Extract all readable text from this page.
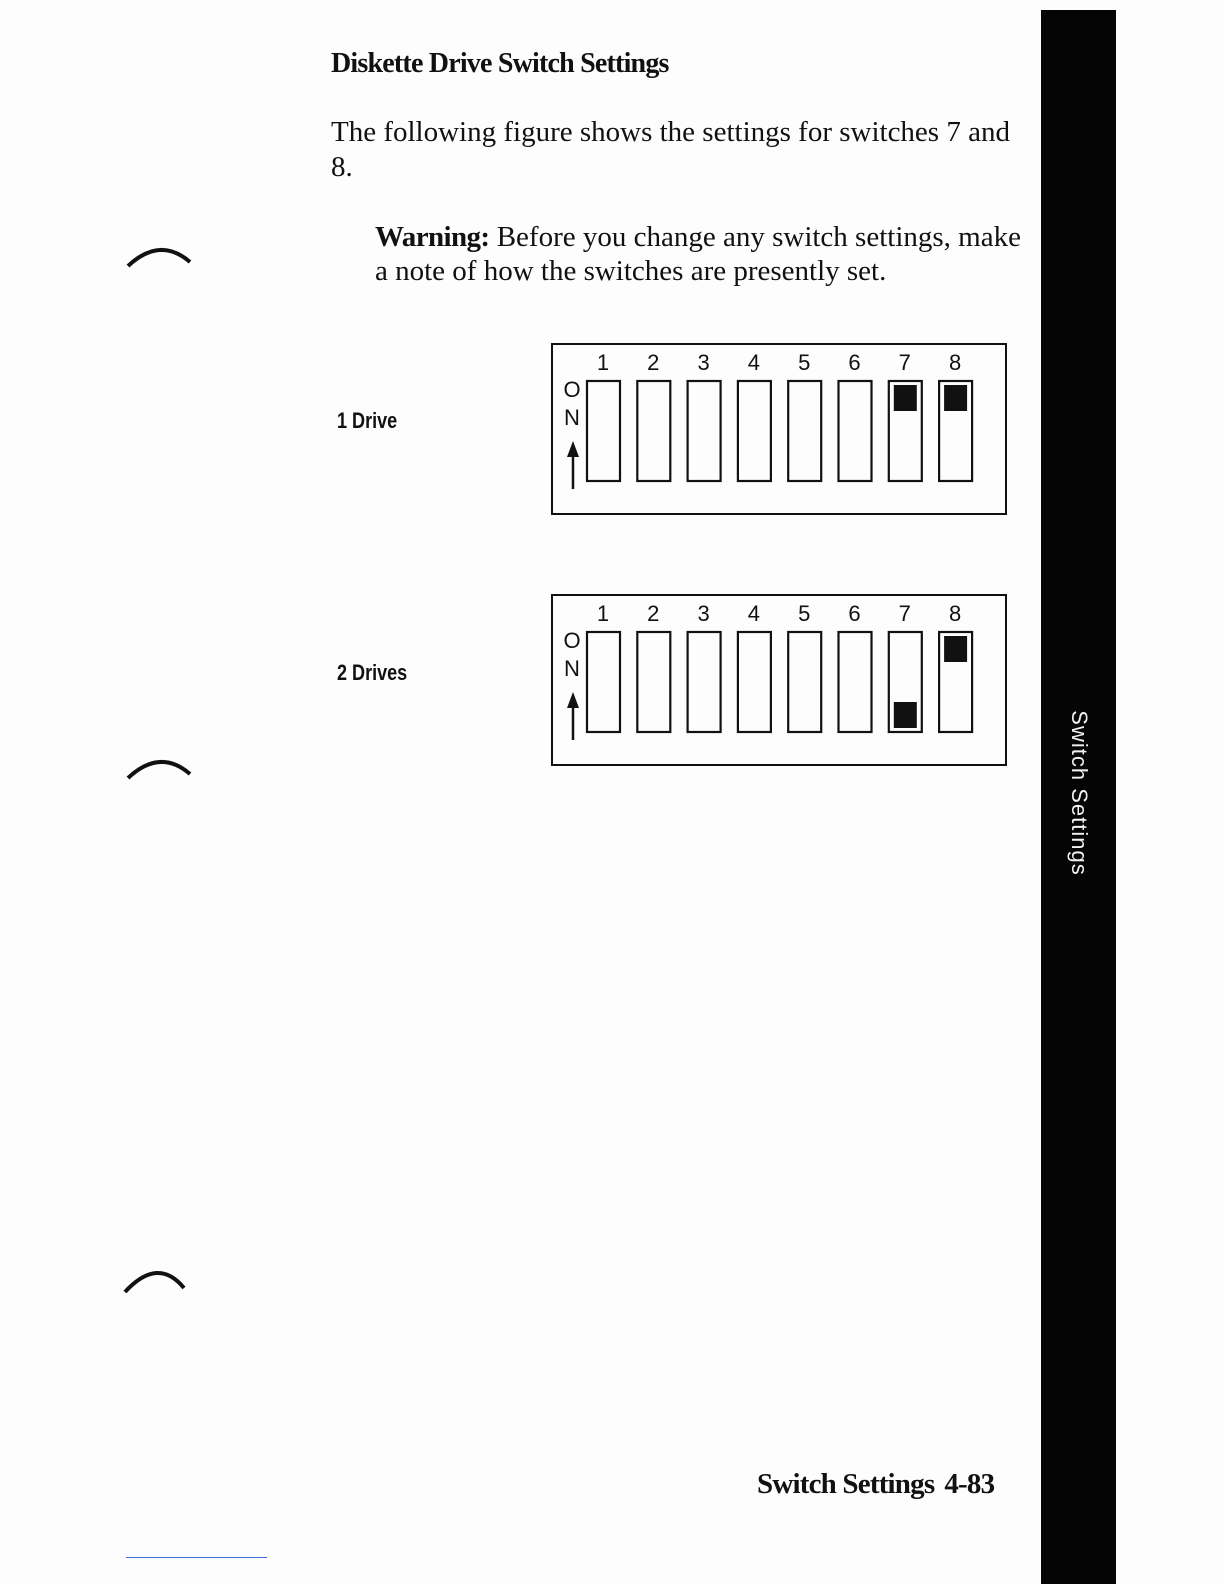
Diskette Drive Switch Settings
The following figure shows the settings for switches 7 and 8.
Warning: Before you change any switch settings, make a note of how the switches are presently set.
1 Drive
O
N
1 2 3 4 5 6 7 8
2 Drives
O
N
1 2 3 4 5 6 7 8
Switch Settings
Switch Settings 4-83
